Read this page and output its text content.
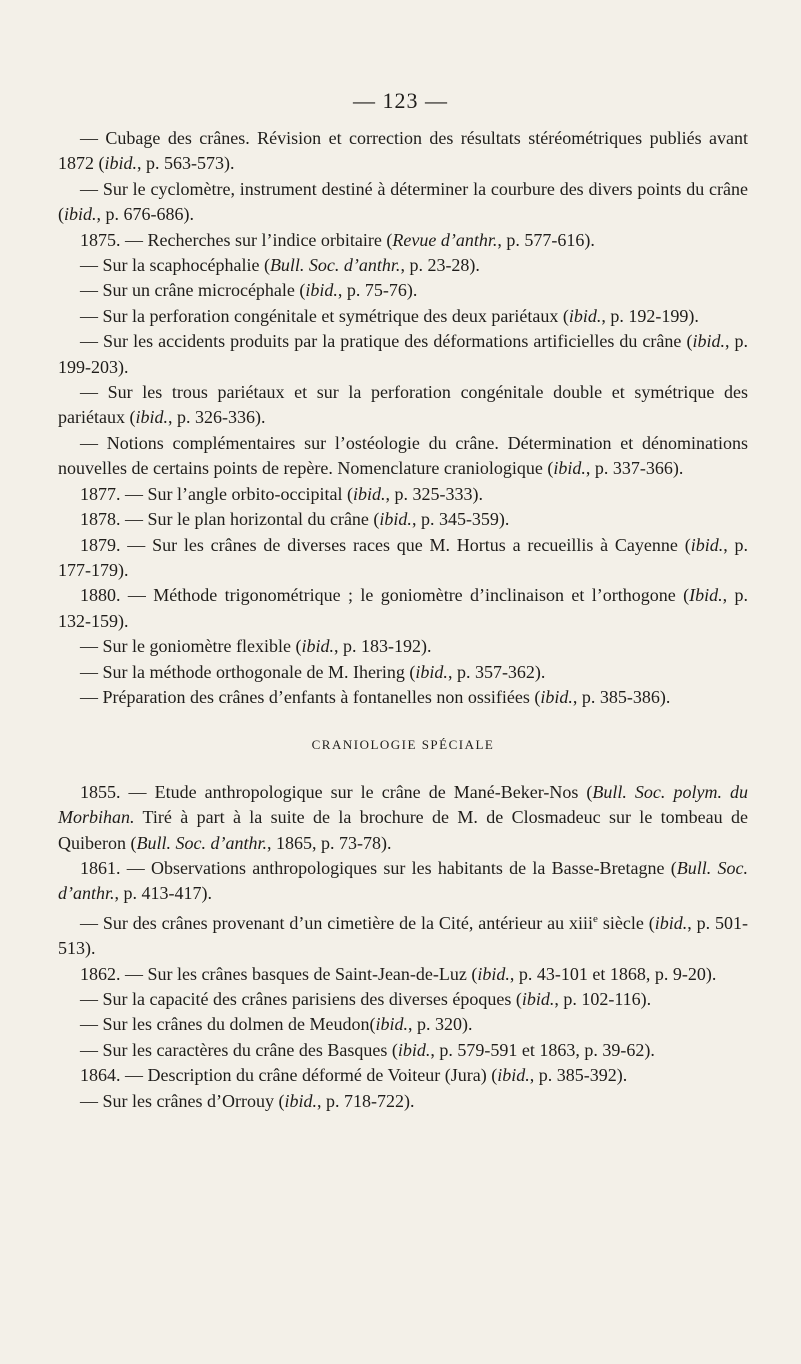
— 123 —

— Cubage des crânes. Révision et correction des résultats stéréométriques publiés avant 1872 (ibid., p. 563-573).

— Sur le cyclomètre, instrument destiné à déterminer la courbure des divers points du crâne (ibid., p. 676-686).

1875. — Recherches sur l’indice orbitaire (Revue d’anthr., p. 577-616).

— Sur la scaphocéphalie (Bull. Soc. d’anthr., p. 23-28).

— Sur un crâne microcéphale (ibid., p. 75-76).

— Sur la perforation congénitale et symétrique des deux pariétaux (ibid., p. 192-199).

— Sur les accidents produits par la pratique des déformations artificielles du crâne (ibid., p. 199-203).

— Sur les trous pariétaux et sur la perforation congénitale double et symétrique des pariétaux (ibid., p. 326-336).

— Notions complémentaires sur l’ostéologie du crâne. Détermination et dénominations nouvelles de certains points de repère. Nomenclature craniologique (ibid., p. 337-366).

1877. — Sur l’angle orbito-occipital (ibid., p. 325-333).

1878. — Sur le plan horizontal du crâne (ibid., p. 345-359).

1879. — Sur les crânes de diverses races que M. Hortus a recueillis à Cayenne (ibid., p. 177-179).

1880. — Méthode trigonométrique ; le goniomètre d’inclinaison et l’orthogone (Ibid., p. 132-159).

— Sur le goniomètre flexible (ibid., p. 183-192).

— Sur la méthode orthogonale de M. Ihering (ibid., p. 357-362).

— Préparation des crânes d’enfants à fontanelles non ossifiées (ibid., p. 385-386).

CRANIOLOGIE SPÉCIALE

1855. — Etude anthropologique sur le crâne de Mané-Beker-Nos (Bull. Soc. polym. du Morbihan. Tiré à part à la suite de la brochure de M. de Closmadeuc sur le tombeau de Quiberon (Bull. Soc. d’anthr., 1865, p. 73-78).

1861. — Observations anthropologiques sur les habitants de la Basse-Bretagne (Bull. Soc. d’anthr., p. 413-417).

— Sur des crânes provenant d’un cimetière de la Cité, antérieur au xiii$^e$ siècle (ibid., p. 501-513).

1862. — Sur les crânes basques de Saint-Jean-de-Luz (ibid., p. 43-101 et 1868, p. 9-20).

— Sur la capacité des crânes parisiens des diverses époques (ibid., p. 102-116).

— Sur les crânes du dolmen de Meudon(ibid., p. 320).

— Sur les caractères du crâne des Basques (ibid., p. 579-591 et 1863, p. 39-62).

1864. — Description du crâne déformé de Voiteur (Jura) (ibid., p. 385-392).

— Sur les crânes d’Orrouy (ibid., p. 718-722).
